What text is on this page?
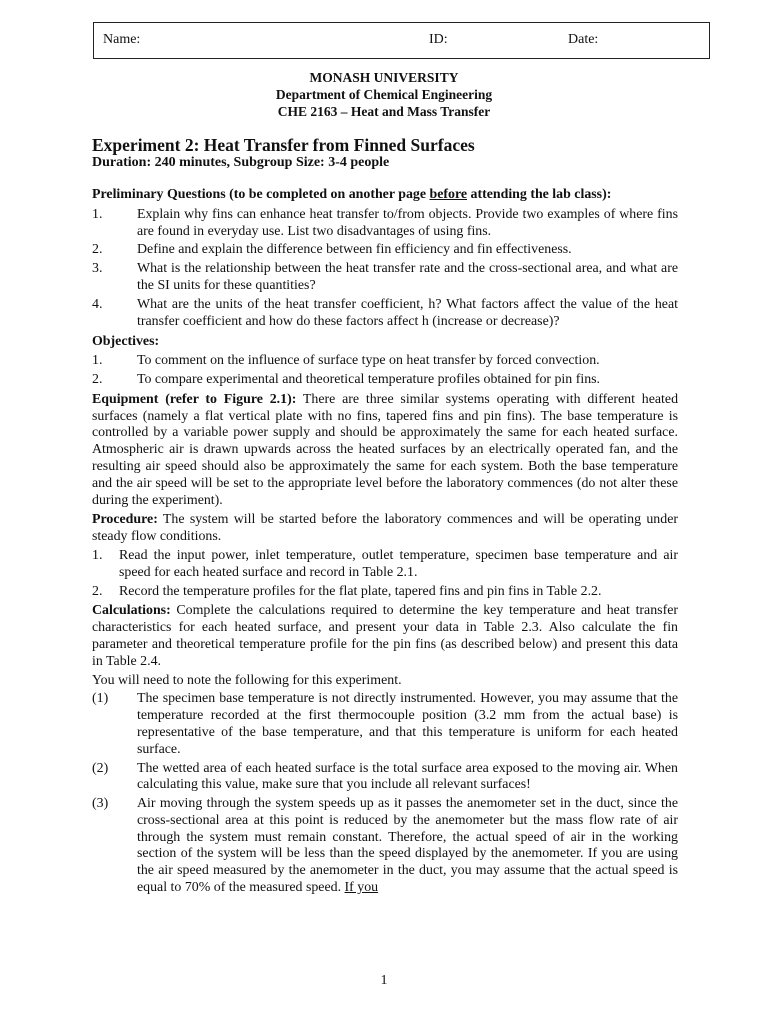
Name:	ID:	Date:
MONASH UNIVERSITY
Department of Chemical Engineering
CHE 2163 – Heat and Mass Transfer
Experiment 2: Heat Transfer from Finned Surfaces
Duration: 240 minutes, Subgroup Size: 3-4 people

Preliminary Questions (to be completed on another page before attending the lab class):

1. Explain why fins can enhance heat transfer to/from objects. Provide two examples of where fins are found in everyday use. List two disadvantages of using fins.
2. Define and explain the difference between fin efficiency and fin effectiveness.
3. What is the relationship between the heat transfer rate and the cross-sectional area, and what are the SI units for these quantities?
4. What are the units of the heat transfer coefficient, h? What factors affect the value of the heat transfer coefficient and how do these factors affect h (increase or decrease)?

Objectives:

1. To comment on the influence of surface type on heat transfer by forced convection.
2. To compare experimental and theoretical temperature profiles obtained for pin fins.

Equipment (refer to Figure 2.1): There are three similar systems operating with different heated surfaces (namely a flat vertical plate with no fins, tapered fins and pin fins). The base temperature is controlled by a variable power supply and should be approximately the same for each heated surface. Atmospheric air is drawn upwards across the heated surfaces by an electrically operated fan, and the resulting air speed should also be approximately the same for each system. Both the base temperature and the air speed will be set to the appropriate level before the laboratory commences (do not alter these during the experiment).

Procedure: The system will be started before the laboratory commences and will be operating under steady flow conditions.

1. Read the input power, inlet temperature, outlet temperature, specimen base temperature and air speed for each heated surface and record in Table 2.1.
2. Record the temperature profiles for the flat plate, tapered fins and pin fins in Table 2.2.

Calculations: Complete the calculations required to determine the key temperature and heat transfer characteristics for each heated surface, and present your data in Table 2.3. Also calculate the fin parameter and theoretical temperature profile for the pin fins (as described below) and present this data in Table 2.4.

You will need to note the following for this experiment.

(1) The specimen base temperature is not directly instrumented. However, you may assume that the temperature recorded at the first thermocouple position (3.2 mm from the actual base) is representative of the base temperature, and that this temperature is uniform for each heated surface.
(2) The wetted area of each heated surface is the total surface area exposed to the moving air. When calculating this value, make sure that you include all relevant surfaces!
(3) Air moving through the system speeds up as it passes the anemometer set in the duct, since the cross-sectional area at this point is reduced by the anemometer but the mass flow rate of air through the system must remain constant. Therefore, the actual speed of air in the working section of the system will be less than the speed displayed by the anemometer. If you are using the air speed measured by the anemometer in the duct, you may assume that the actual speed is equal to 70% of the measured speed. If you
1
